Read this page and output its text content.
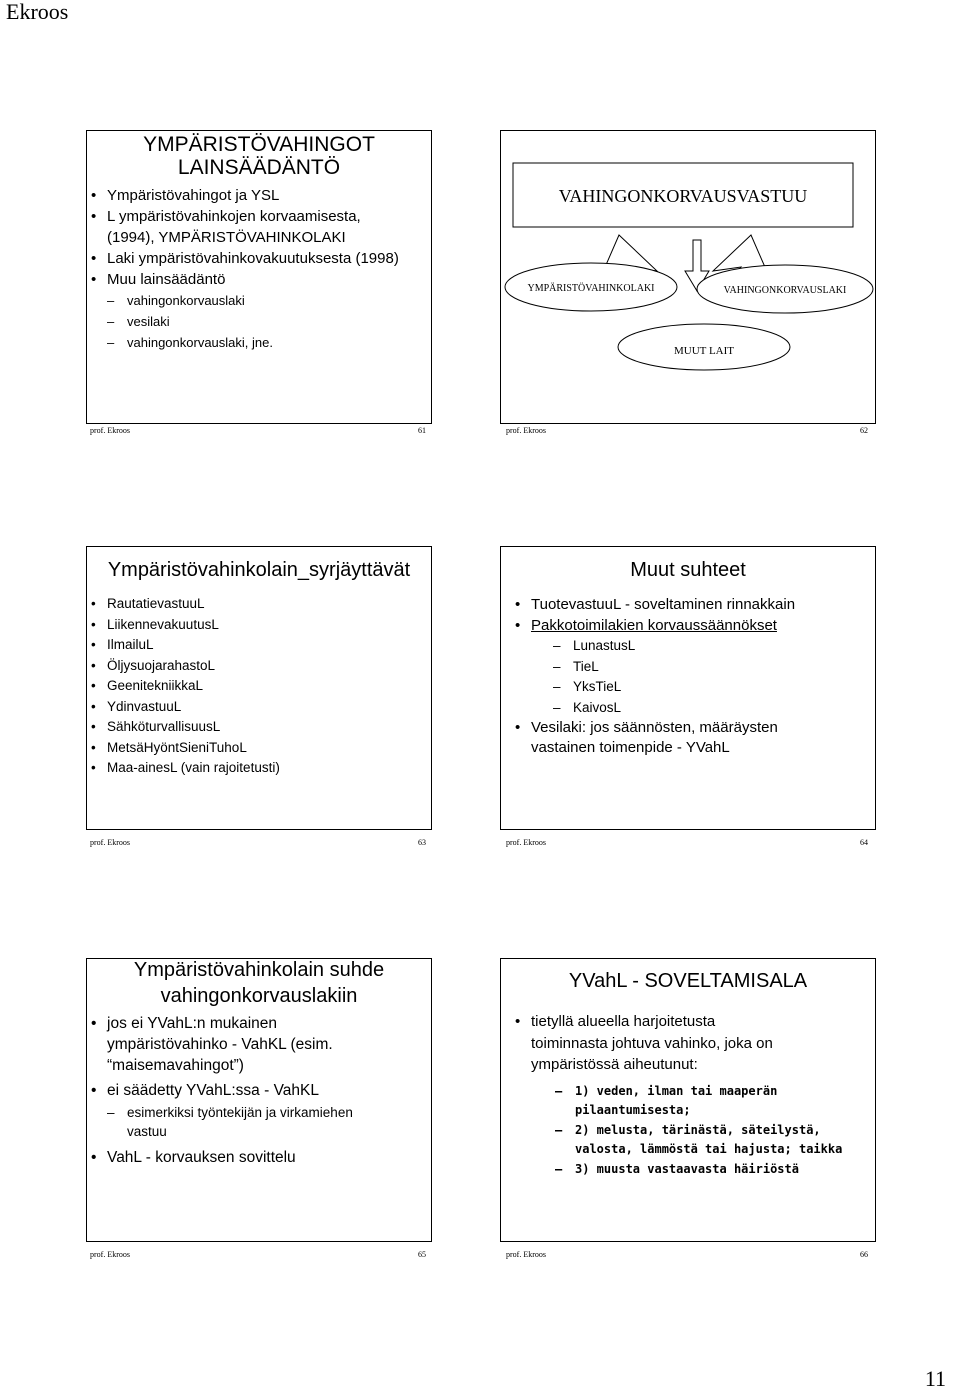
Ekroos
YMPÄRISTÖVAHINGOT
LAINSÄÄDÄNTÖ
• Ympäristövahingot ja YSL
• L ympäristövahinkojen korvaamisesta,
(1994), YMPÄRISTÖVAHINKOLAKI
• Laki ympäristövahinkovakuutuksesta (1998)
• Muu lainsäädäntö
– vahingonkorvauslaki
– vesilaki
– vahingonkorvauslaki, jne.
prof. Ekroos	61
VAHINGONKORVAUSVASTUU
YMPÄRISTÖVAHINKOLAKI	VAHINGONKORVAUSLAKI
MUUT LAIT
prof. Ekroos	62
Ympäristövahinkolain_syrjäyttävät
• RautatievastuuL
• LiikennevakuutusL
• IlmailuL
• ÖljysuojarahastoL
• GeenitekniikkaL
• YdinvastuuL
• SähköturvallisuusL
• MetsäHyöntSieniTuhoL
• Maa-ainesL (vain rajoitetusti)
prof. Ekroos	63
Muut suhteet
• TuotevastuuL - soveltaminen rinnakkain
• Pakkotoimilakien korvaussäännökset
– LunastusL
– TieL
– YksTieL
– KaivosL
• Vesilaki: jos säännösten, määräysten
vastainen toimenpide - YVahL
prof. Ekroos	64
Ympäristövahinkolain suhde
vahingonkorvauslakiin
• jos ei YVahL:n mukainen
ympäristövahinko - VahKL (esim.
“maisemavahingot”)
• ei säädetty YVahL:ssa - VahKL
– esimerkiksi työntekijän ja virkamiehen
vastuu
• VahL - korvauksen sovittelu
prof. Ekroos	65
YVahL - SOVELTAMISALA
• tietyllä alueella harjoitetusta
toiminnasta johtuva vahinko, joka on
ympäristössä aiheutunut:
– 1) veden, ilman tai maaperän
pilaantumisesta;
– 2) melusta, tärinästä, säteilystä,
valosta, lämmöstä tai hajusta; taikka
– 3) muusta vastaavasta häiriöstä
prof. Ekroos	66
11
